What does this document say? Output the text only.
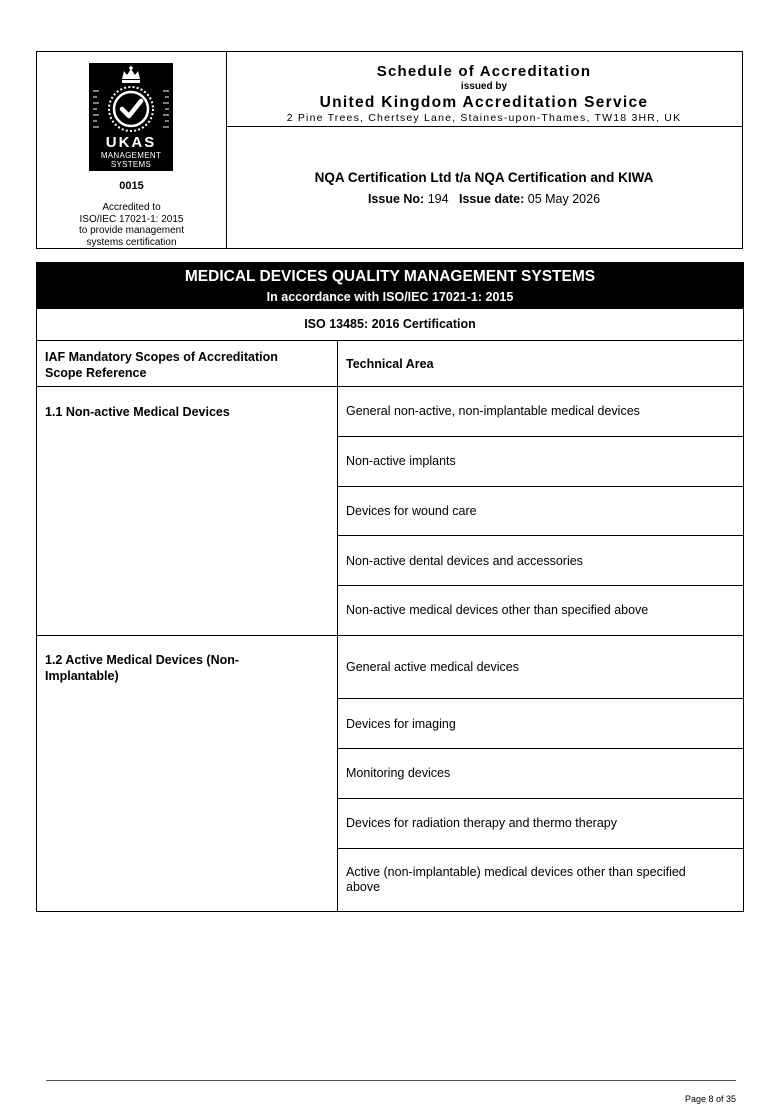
UKAS
MANAGEMENT
SYSTEMS
0015
Accredited to
ISO/IEC 17021-1: 2015
to provide management
systems certification
Schedule of Accreditation
issued by
United Kingdom Accreditation Service
2 Pine Trees, Chertsey Lane, Staines-upon-Thames, TW18 3HR, UK
NQA Certification Ltd t/a NQA Certification and KIWA
Issue No: 194 Issue date: 05 May 2026
MEDICAL DEVICES QUALITY MANAGEMENT SYSTEMS
In accordance with ISO/IEC 17021-1: 2015
ISO 13485: 2016 Certification
IAF Mandatory Scopes of Accreditation
Scope Reference
Technical Area
1.1 Non-active Medical Devices	General non-active, non-implantable medical devices
Non-active implants
Devices for wound care
Non-active dental devices and accessories
Non-active medical devices other than specified above
1.2 Active Medical Devices (Non-
Implantable)
General active medical devices
Devices for imaging
Monitoring devices
Devices for radiation therapy and thermo therapy
Active (non-implantable) medical devices other than specified
above
Page 8 of 35
